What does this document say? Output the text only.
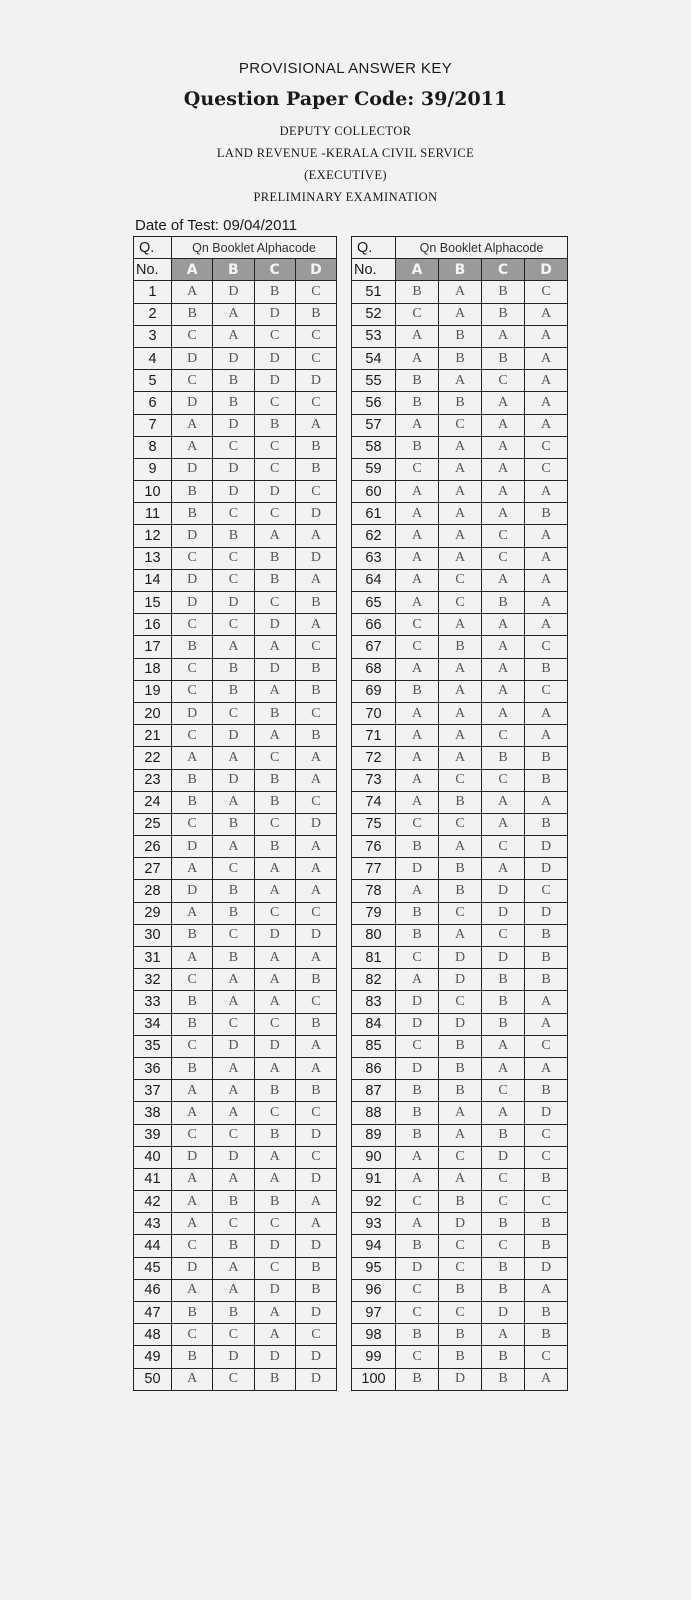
PROVISIONAL ANSWER KEY
Question Paper Code: 39/2011
DEPUTY COLLECTOR
LAND REVENUE -KERALA CIVIL SERVICE
(EXECUTIVE)
PRELIMINARY EXAMINATION
Date of Test: 09/04/2011
Q.	Qn Booklet Alphacode			
No.	A	B	C	D
1	A	D	B	C
2	B	A	D	B
3	C	A	C	C
4	D	D	D	C
5	C	B	D	D
6	D	B	C	C
7	A	D	B	A
8	A	C	C	B
9	D	D	C	B
10	B	D	D	C
11	B	C	C	D
12	D	B	A	A
13	C	C	B	D
14	D	C	B	A
15	D	D	C	B
16	C	C	D	A
17	B	A	A	C
18	C	B	D	B
19	C	B	A	B
20	D	C	B	C
21	C	D	A	B
22	A	A	C	A
23	B	D	B	A
24	B	A	B	C
25	C	B	C	D
26	D	A	B	A
27	A	C	A	A
28	D	B	A	A
29	A	B	C	C
30	B	C	D	D
31	A	B	A	A
32	C	A	A	B
33	B	A	A	C
34	B	C	C	B
35	C	D	D	A
36	B	A	A	A
37	A	A	B	B
38	A	A	C	C
39	C	C	B	D
40	D	D	A	C
41	A	A	A	D
42	A	B	B	A
43	A	C	C	A
44	C	B	D	D
45	D	A	C	B
46	A	A	D	B
47	B	B	A	D
48	C	C	A	C
49	B	D	D	D
50	A	C	B	D
Q.	Qn Booklet Alphacode			
No.	A	B	C	D
51	B	A	B	C
52	C	A	B	A
53	A	B	A	A
54	A	B	B	A
55	B	A	C	A
56	B	B	A	A
57	A	C	A	A
58	B	A	A	C
59	C	A	A	C
60	A	A	A	A
61	A	A	A	B
62	A	A	C	A
63	A	A	C	A
64	A	C	A	A
65	A	C	B	A
66	C	A	A	A
67	C	B	A	C
68	A	A	A	B
69	B	A	A	C
70	A	A	A	A
71	A	A	C	A
72	A	A	B	B
73	A	C	C	B
74	A	B	A	A
75	C	C	A	B
76	B	A	C	D
77	D	B	A	D
78	A	B	D	C
79	B	C	D	D
80	B	A	C	B
81	C	D	D	B
82	A	D	B	B
83	D	C	B	A
84	D	D	B	A
85	C	B	A	C
86	D	B	A	A
87	B	B	C	B
88	B	A	A	D
89	B	A	B	C
90	A	C	D	C
91	A	A	C	B
92	C	B	C	C
93	A	D	B	B
94	B	C	C	B
95	D	C	B	D
96	C	B	B	A
97	C	C	D	B
98	B	B	A	B
99	C	B	B	C
100	B	D	B	A
